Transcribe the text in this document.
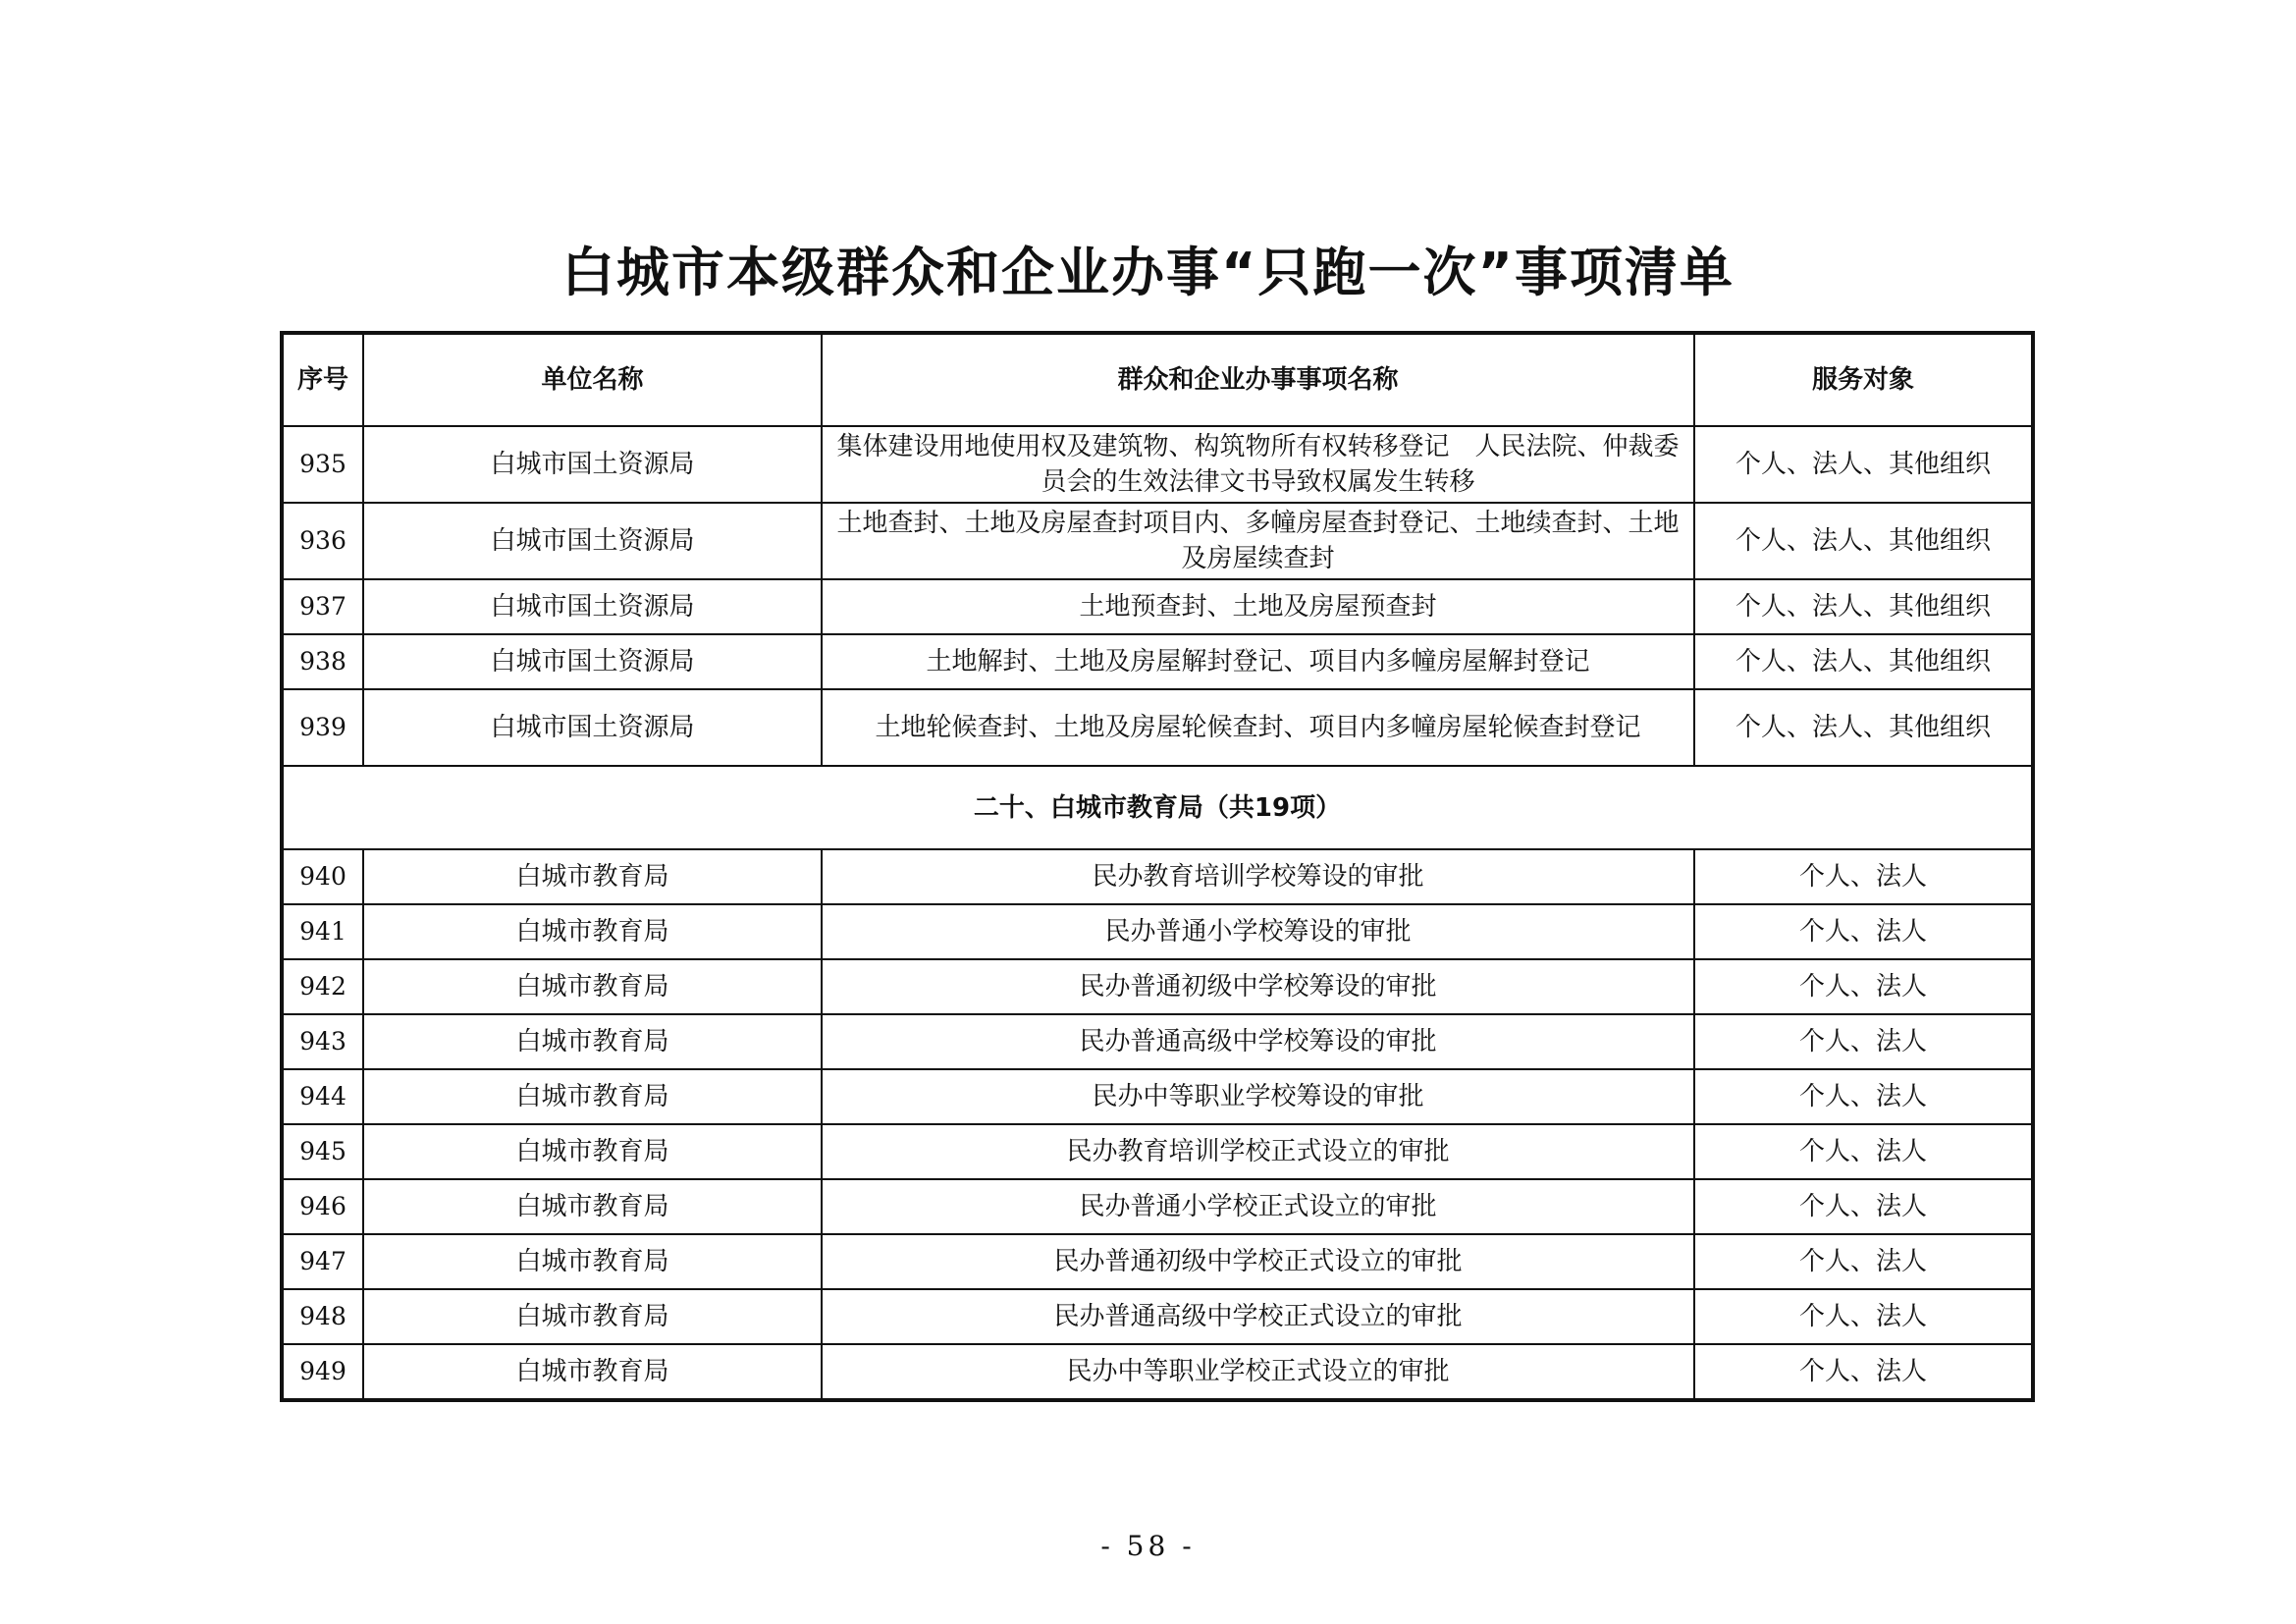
白城市本级群众和企业办事“只跑一次”事项清单
序号	单位名称	群众和企业办事事项名称	服务对象
935	白城市国土资源局	集体建设用地使用权及建筑物、构筑物所有权转移登记　人民法院、仲裁委员会的生效法律文书导致权属发生转移	个人、法人、其他组织
936	白城市国土资源局	土地查封、土地及房屋查封项目内、多幢房屋查封登记、土地续查封、土地及房屋续查封	个人、法人、其他组织
937	白城市国土资源局	土地预查封、土地及房屋预查封	个人、法人、其他组织
938	白城市国土资源局	土地解封、土地及房屋解封登记、项目内多幢房屋解封登记	个人、法人、其他组织
939	白城市国土资源局	土地轮候查封、土地及房屋轮候查封、项目内多幢房屋轮候查封登记	个人、法人、其他组织
二十、白城市教育局（共19项）			
940	白城市教育局	民办教育培训学校筹设的审批	个人、法人
941	白城市教育局	民办普通小学校筹设的审批	个人、法人
942	白城市教育局	民办普通初级中学校筹设的审批	个人、法人
943	白城市教育局	民办普通高级中学校筹设的审批	个人、法人
944	白城市教育局	民办中等职业学校筹设的审批	个人、法人
945	白城市教育局	民办教育培训学校正式设立的审批	个人、法人
946	白城市教育局	民办普通小学校正式设立的审批	个人、法人
947	白城市教育局	民办普通初级中学校正式设立的审批	个人、法人
948	白城市教育局	民办普通高级中学校正式设立的审批	个人、法人
949	白城市教育局	民办中等职业学校正式设立的审批	个人、法人
- 58 -
